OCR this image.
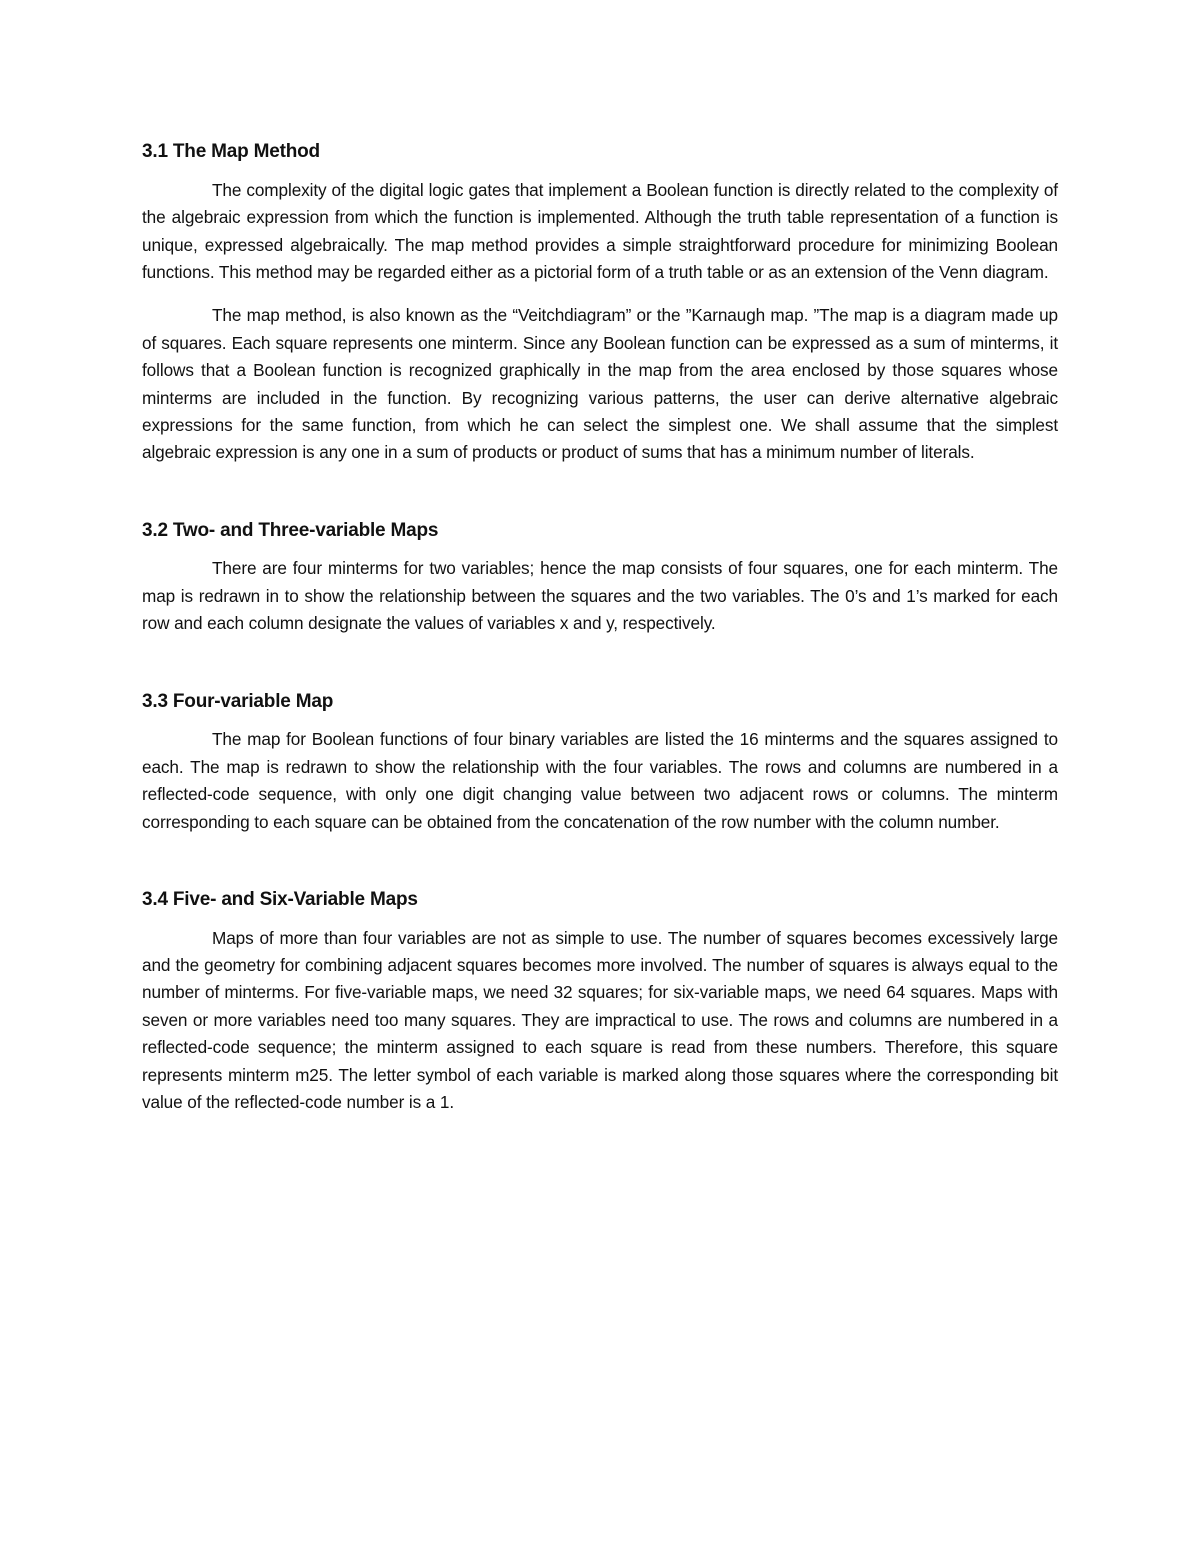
3.1 The Map Method

The complexity of the digital logic gates that implement a Boolean function is directly related to the complexity of the algebraic expression from which the function is implemented. Although the truth table representation of a function is unique, expressed algebraically. The map method provides a simple straightforward procedure for minimizing Boolean functions. This method may be regarded either as a pictorial form of a truth table or as an extension of the Venn diagram.

The map method, is also known as the “Veitchdiagram” or the ”Karnaugh map. ”The map is a diagram made up of squares. Each square represents one minterm. Since any Boolean function can be expressed as a sum of minterms, it follows that a Boolean function is recognized graphically in the map from the area enclosed by those squares whose minterms are included in the function. By recognizing various patterns, the user can derive alternative algebraic expressions for the same function, from which he can select the simplest one. We shall assume that the simplest algebraic expression is any one in a sum of products or product of sums that has a minimum number of literals.

3.2 Two- and Three-variable Maps

There are four minterms for two variables; hence the map consists of four squares, one for each minterm. The map is redrawn in to show the relationship between the squares and the two variables. The 0’s and 1’s marked for each row and each column designate the values of variables x and y, respectively.

3.3 Four-variable Map

The map for Boolean functions of four binary variables are listed the 16 minterms and the squares assigned to each. The map is redrawn to show the relationship with the four variables. The rows and columns are numbered in a reflected-code sequence, with only one digit changing value between two adjacent rows or columns. The minterm corresponding to each square can be obtained from the concatenation of the row number with the column number.

3.4 Five- and Six-Variable Maps

Maps of more than four variables are not as simple to use. The number of squares becomes excessively large and the geometry for combining adjacent squares becomes more involved. The number of squares is always equal to the number of minterms. For five-variable maps, we need 32 squares; for six-variable maps, we need 64 squares. Maps with seven or more variables need too many squares. They are impractical to use. The rows and columns are numbered in a reflected-code sequence; the minterm assigned to each square is read from these numbers. Therefore, this square represents minterm m25. The letter symbol of each variable is marked along those squares where the corresponding bit value of the reflected-code number is a 1.
